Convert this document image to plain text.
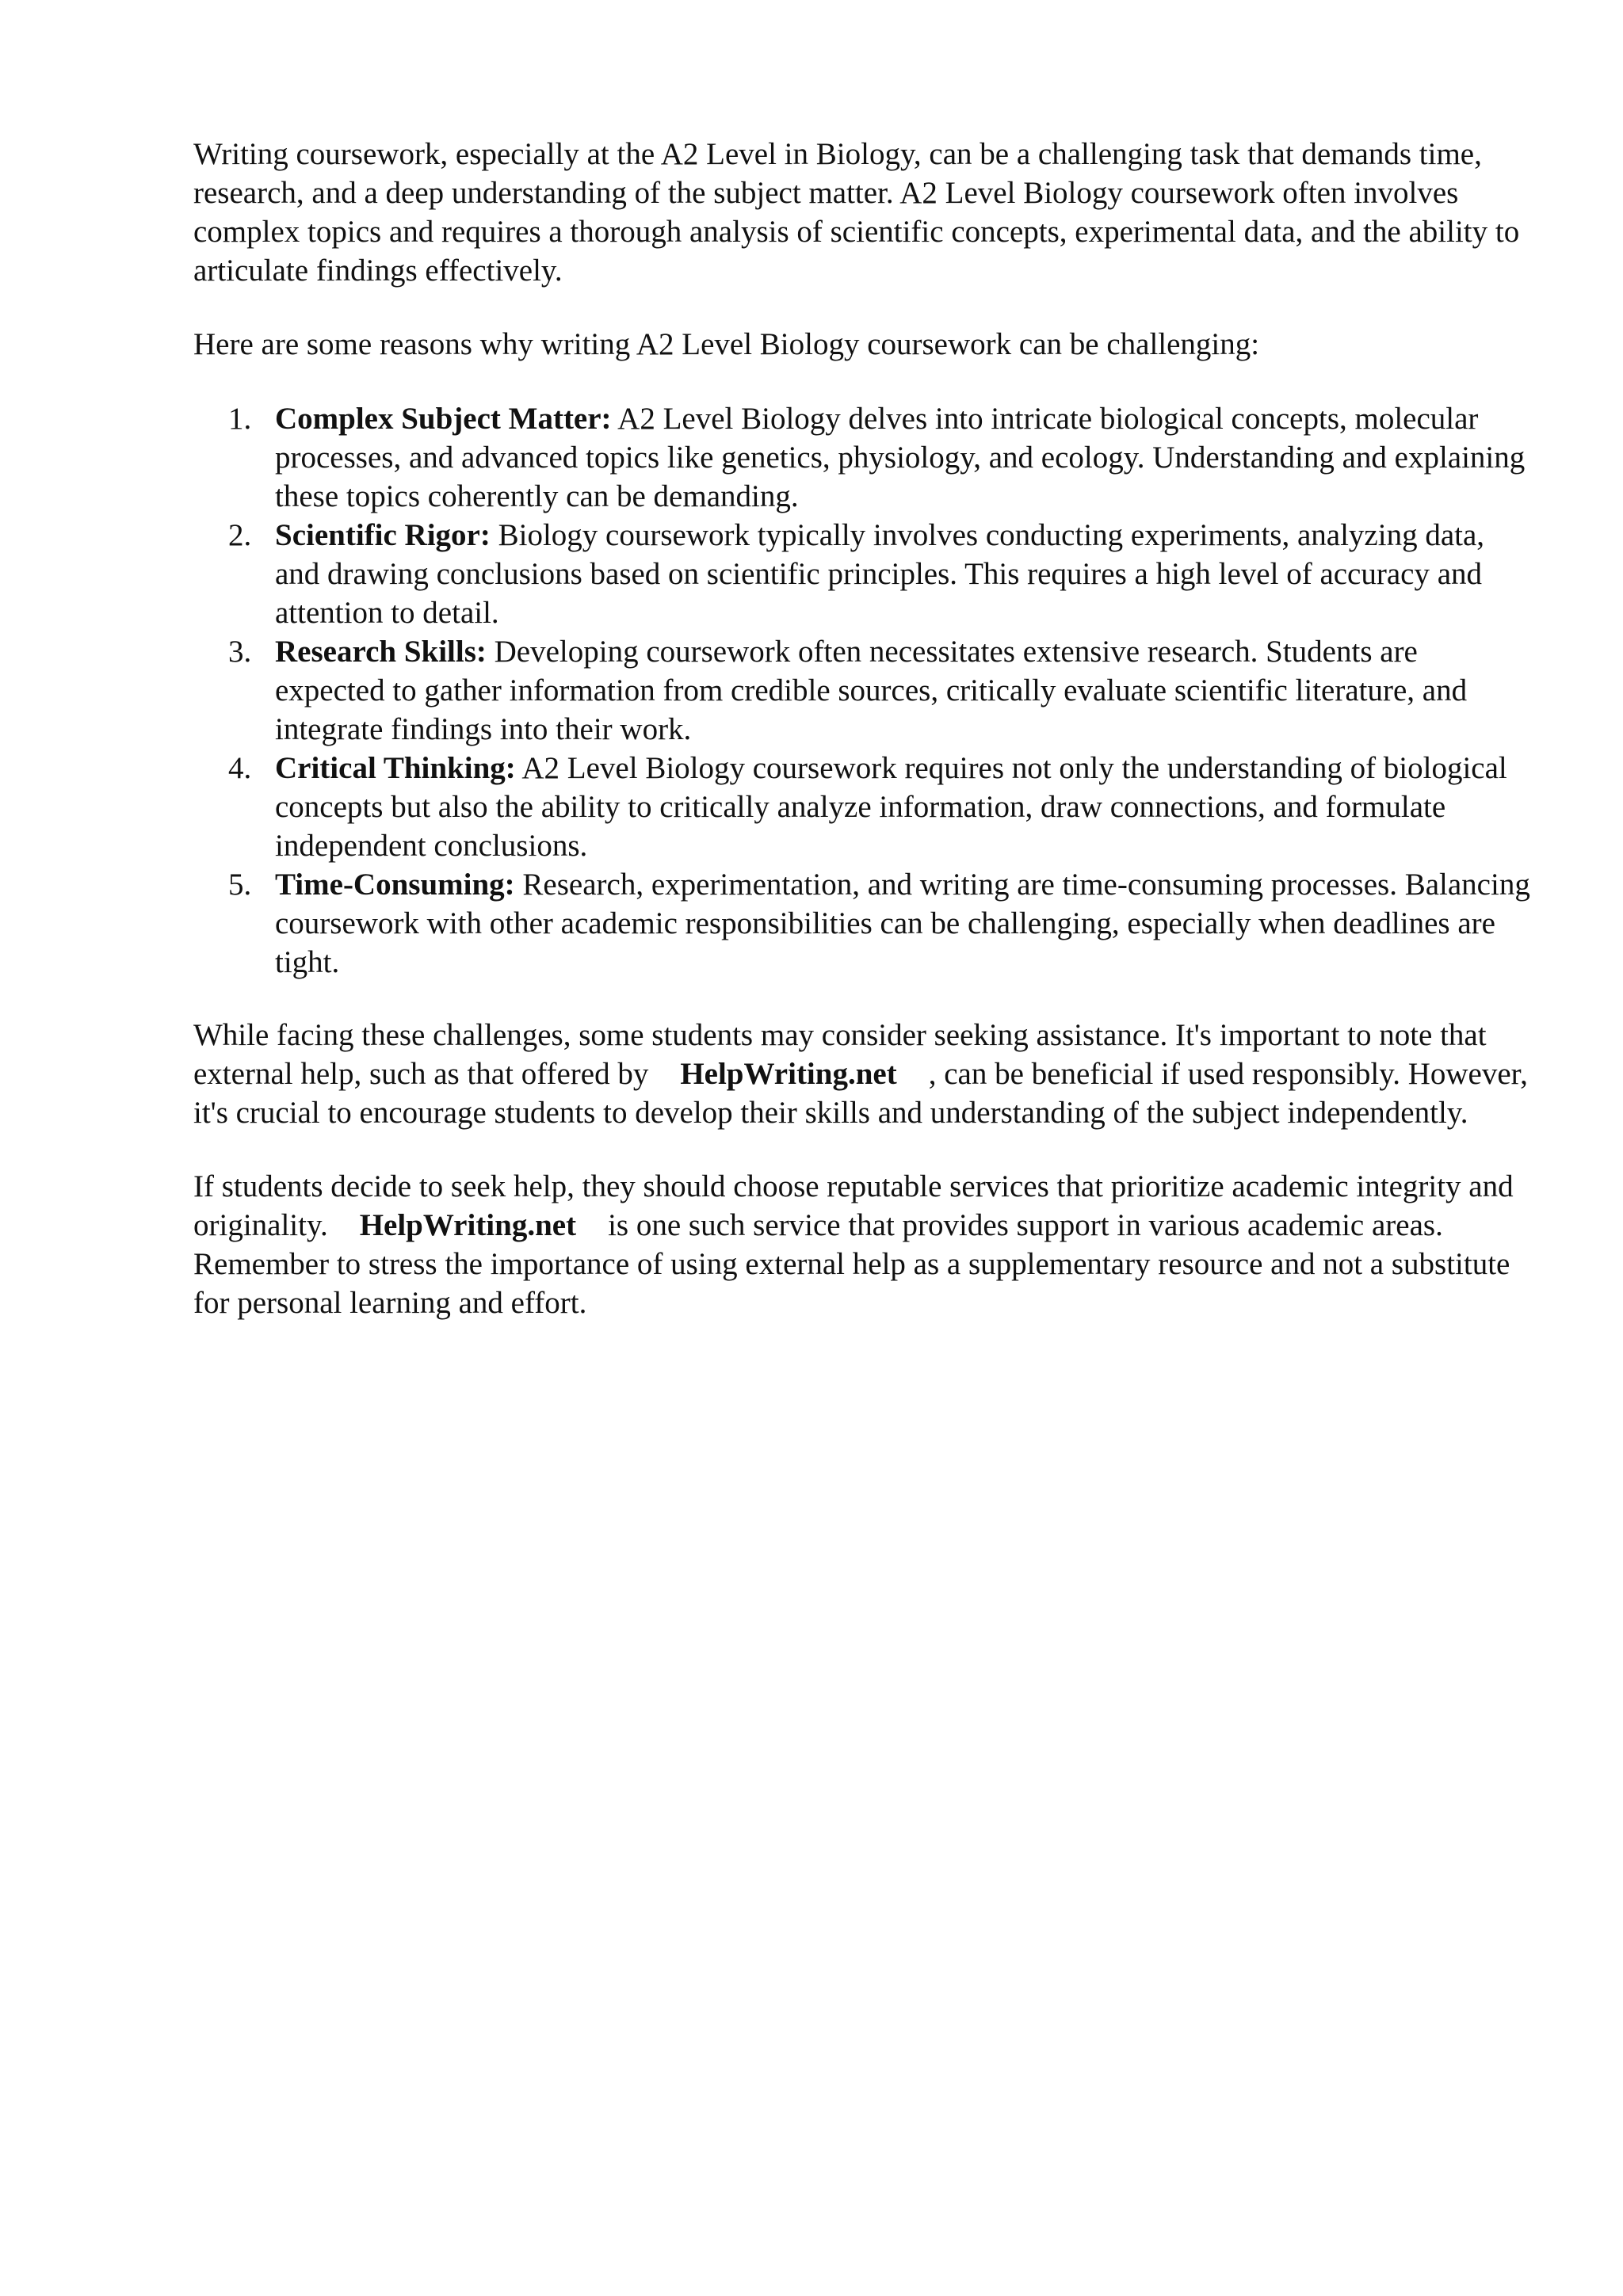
Writing coursework, especially at the A2 Level in Biology, can be a challenging task that demands time, research, and a deep understanding of the subject matter. A2 Level Biology coursework often involves complex topics and requires a thorough analysis of scientific concepts, experimental data, and the ability to articulate findings effectively.

Here are some reasons why writing A2 Level Biology coursework can be challenging:

1. Complex Subject Matter: A2 Level Biology delves into intricate biological concepts, molecular processes, and advanced topics like genetics, physiology, and ecology. Understanding and explaining these topics coherently can be demanding.
2. Scientific Rigor: Biology coursework typically involves conducting experiments, analyzing data, and drawing conclusions based on scientific principles. This requires a high level of accuracy and attention to detail.
3. Research Skills: Developing coursework often necessitates extensive research. Students are expected to gather information from credible sources, critically evaluate scientific literature, and integrate findings into their work.
4. Critical Thinking: A2 Level Biology coursework requires not only the understanding of biological concepts but also the ability to critically analyze information, draw connections, and formulate independent conclusions.
5. Time-Consuming: Research, experimentation, and writing are time-consuming processes. Balancing coursework with other academic responsibilities can be challenging, especially when deadlines are tight.

While facing these challenges, some students may consider seeking assistance. It's important to note that external help, such as that offered by HelpWriting.net , can be beneficial if used responsibly. However, it's crucial to encourage students to develop their skills and understanding of the subject independently.

If students decide to seek help, they should choose reputable services that prioritize academic integrity and originality. HelpWriting.net is one such service that provides support in various academic areas. Remember to stress the importance of using external help as a supplementary resource and not a substitute for personal learning and effort.
